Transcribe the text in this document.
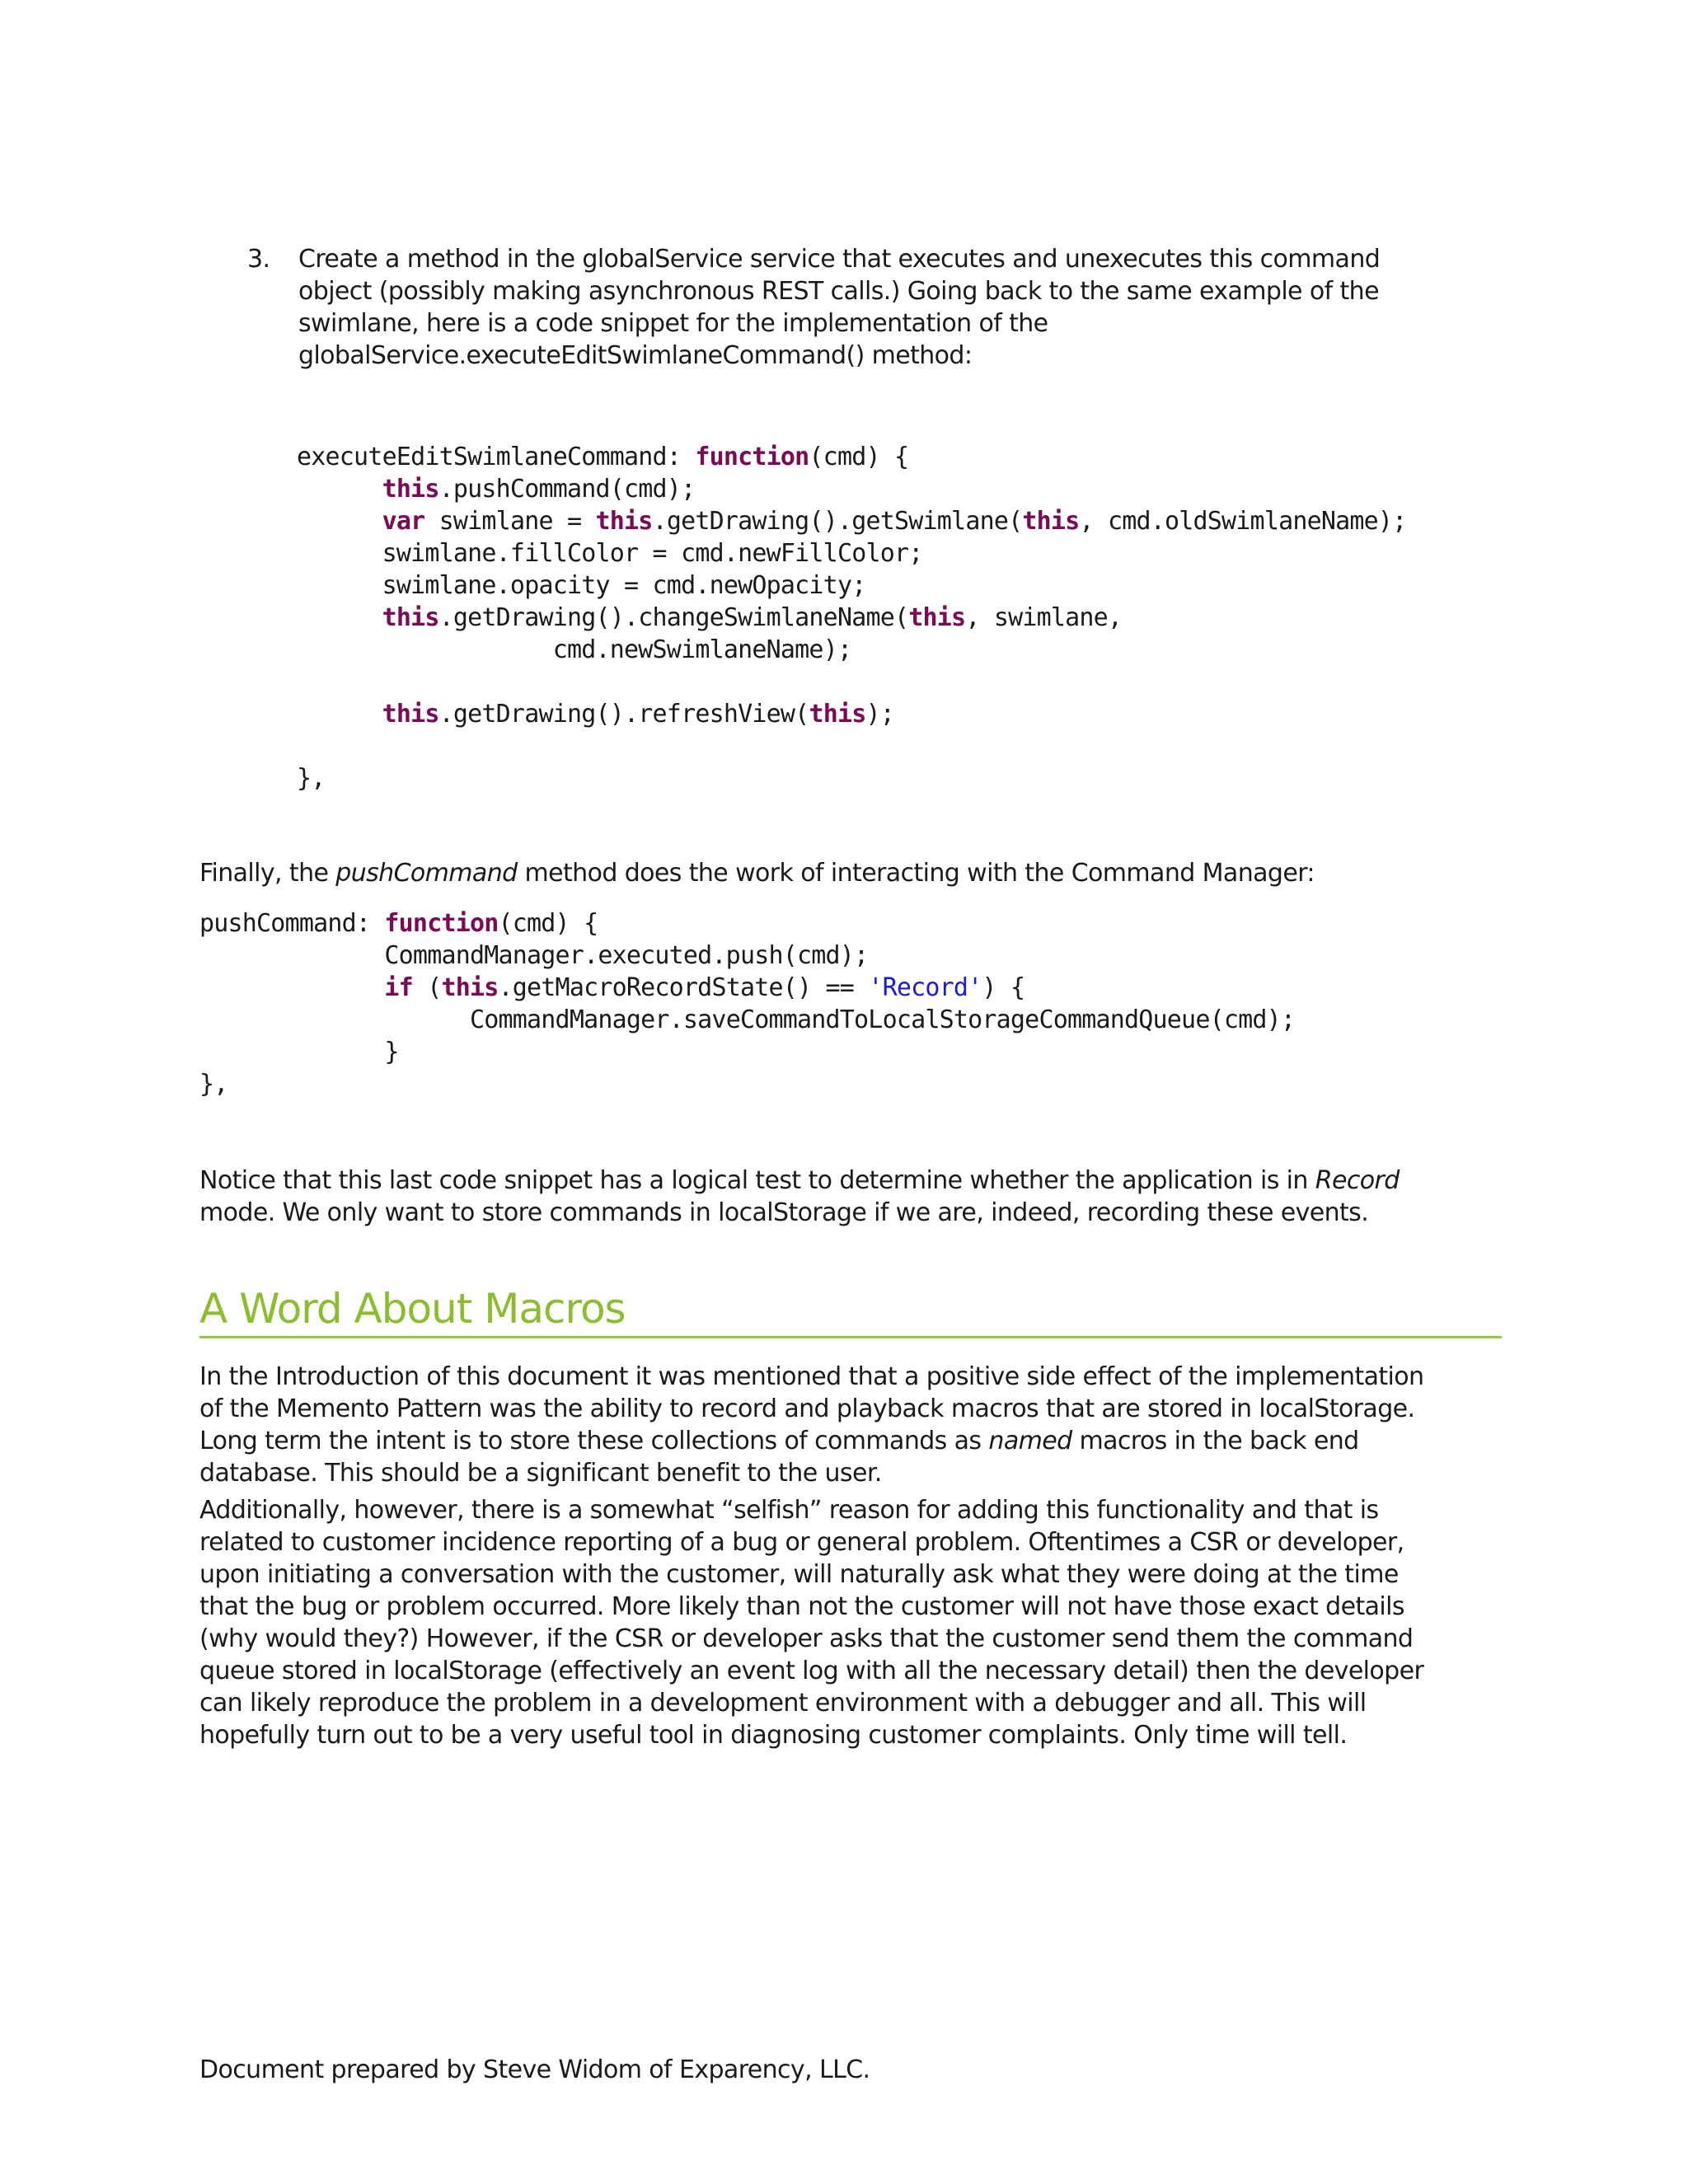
3. Create a method in the globalService service that executes and unexecutes this command
object (possibly making asynchronous REST calls.) Going back to the same example of the
swimlane, here is a code snippet for the implementation of the
globalService.executeEditSwimlaneCommand() method:
executeEditSwimlaneCommand: function(cmd) {
this.pushCommand(cmd);
var swimlane = this.getDrawing().getSwimlane(this, cmd.oldSwimlaneName);
swimlane.fillColor = cmd.newFillColor;
swimlane.opacity = cmd.newOpacity;
this.getDrawing().changeSwimlaneName(this, swimlane,
cmd.newSwimlaneName);

this.getDrawing().refreshView(this);

},

Finally, the pushCommand method does the work of interacting with the Command Manager:

pushCommand: function(cmd) {
CommandManager.executed.push(cmd);
if (this.getMacroRecordState() == 'Record') {
CommandManager.saveCommandToLocalStorageCommandQueue(cmd);
}
},

Notice that this last code snippet has a logical test to determine whether the application is in Record
mode. We only want to store commands in localStorage if we are, indeed, recording these events.

A Word About Macros

In the Introduction of this document it was mentioned that a positive side effect of the implementation
of the Memento Pattern was the ability to record and playback macros that are stored in localStorage.
Long term the intent is to store these collections of commands as named macros in the back end
database. This should be a significant benefit to the user.

Additionally, however, there is a somewhat “selfish” reason for adding this functionality and that is
related to customer incidence reporting of a bug or general problem. Oftentimes a CSR or developer,
upon initiating a conversation with the customer, will naturally ask what they were doing at the time
that the bug or problem occurred. More likely than not the customer will not have those exact details
(why would they?) However, if the CSR or developer asks that the customer send them the command
queue stored in localStorage (effectively an event log with all the necessary detail) then the developer
can likely reproduce the problem in a development environment with a debugger and all. This will
hopefully turn out to be a very useful tool in diagnosing customer complaints. Only time will tell.

Document prepared by Steve Widom of Exparency, LLC.
